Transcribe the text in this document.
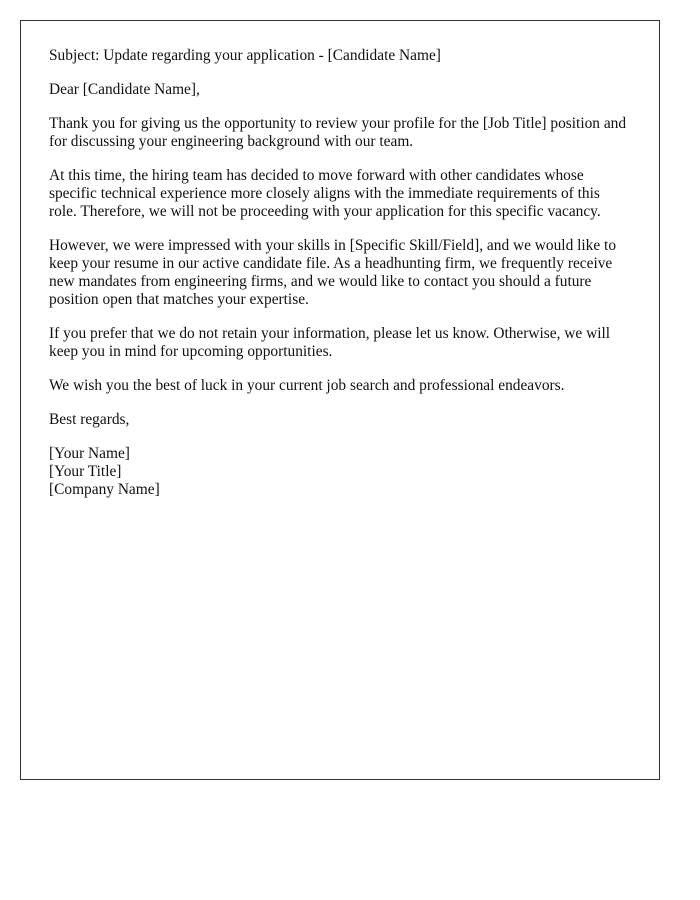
Subject: Update regarding your application - [Candidate Name]

Dear [Candidate Name],

Thank you for giving us the opportunity to review your profile for the [Job Title] position and for discussing your engineering background with our team.

At this time, the hiring team has decided to move forward with other candidates whose specific technical experience more closely aligns with the immediate requirements of this role. Therefore, we will not be proceeding with your application for this specific vacancy.

However, we were impressed with your skills in [Specific Skill/Field], and we would like to keep your resume in our active candidate file. As a headhunting firm, we frequently receive new mandates from engineering firms, and we would like to contact you should a future position open that matches your expertise.

If you prefer that we do not retain your information, please let us know. Otherwise, we will keep you in mind for upcoming opportunities.

We wish you the best of luck in your current job search and professional endeavors.

Best regards,

[Your Name]
[Your Title]
[Company Name]
